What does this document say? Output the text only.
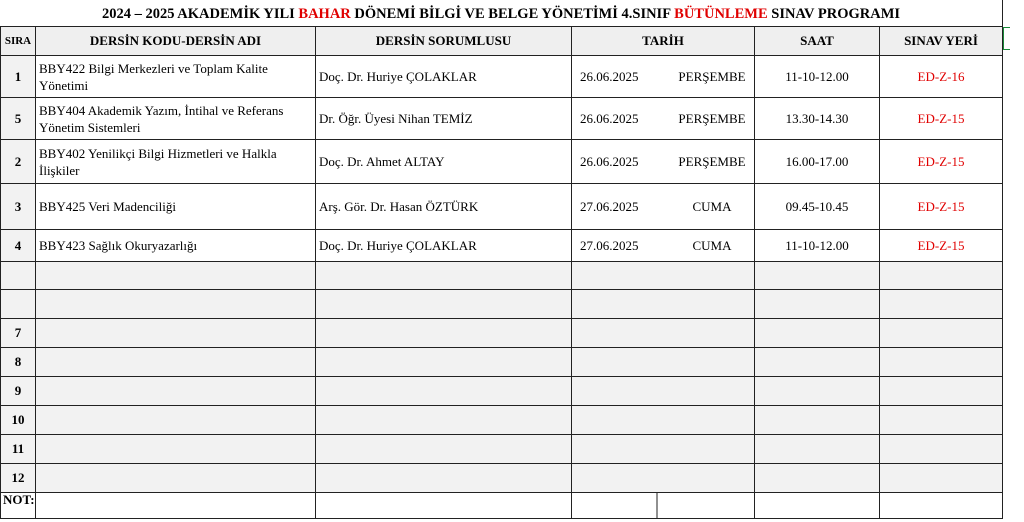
2024 – 2025 AKADEMİK YILI BAHAR DÖNEMİ BİLGİ VE BELGE YÖNETİMİ 4.SINIF BÜTÜNLEME SINAV PROGRAMI
SIRA	DERSİN KODU-DERSİN ADI	DERSİN SORUMLUSU	TARİH	SAAT	SINAV YERİ
1	BBY422 Bilgi Merkezleri ve Toplam Kalite Yönetimi	Doç. Dr. Huriye ÇOLAKLAR	26.06.2025 PERŞEMBE	11-10-12.00	ED-Z-16
5	BBY404 Akademik Yazım, İntihal ve Referans Yönetim Sistemleri	Dr. Öğr. Üyesi Nihan TEMİZ	26.06.2025 PERŞEMBE	13.30-14.30	ED-Z-15
2	BBY402 Yenilikçi Bilgi Hizmetleri ve Halkla İlişkiler	Doç. Dr. Ahmet ALTAY	26.06.2025 PERŞEMBE	16.00-17.00	ED-Z-15
3	BBY425 Veri Madenciliği	Arş. Gör. Dr. Hasan ÖZTÜRK	27.06.2025 CUMA	09.45-10.45	ED-Z-15
4	BBY423 Sağlık Okuryazarlığı	Doç. Dr. Huriye ÇOLAKLAR	27.06.2025 CUMA	11-10-12.00	ED-Z-15

7					
8					
9					
10					
11					
12					
NOT:					
